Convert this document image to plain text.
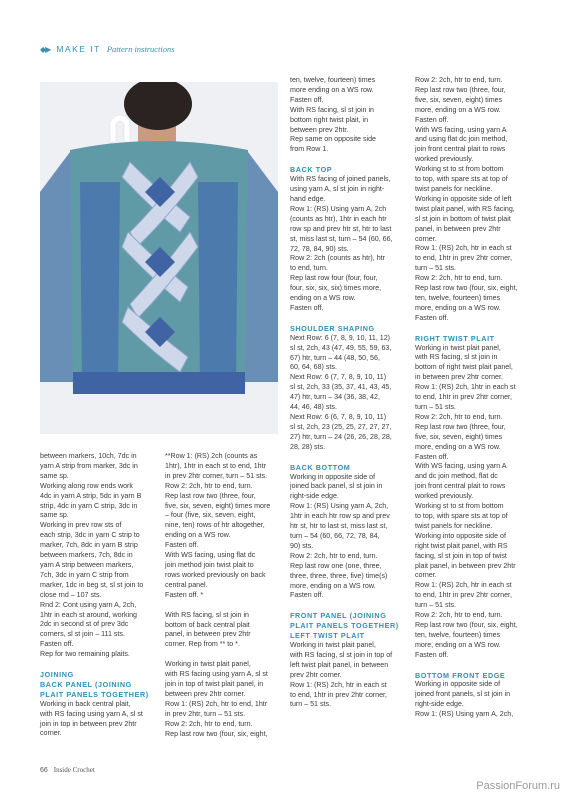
◆▶ MAKE IT Pattern instructions

between markers, 10ch, 7dc in

yarn A strip from marker, 3dc in

same sp.

Working along row ends work

4dc in yarn A strip, 5dc in yarn B

strip, 4dc in yarn C strip, 3dc in

same sp.

Working in prev row sts of

each strip, 3dc in yarn C strip to

marker, 7ch, 8dc in yarn B strip

between markers, 7ch, 8dc in

yarn A strip between markers,

7ch, 3dc in yarn C strip from

marker, 1dc in beg st, sl st join to

close rnd – 107 sts.

Rnd 2: Cont using yarn A, 2ch,

1htr in each st around, working

2dc in second st of prev 3dc

corners, sl st join – 111 sts.

Fasten off.

Rep for two remaining plaits.

JOINING

BACK PANEL (JOINING

PLAIT PANELS TOGETHER)

Working in back central plait,

with RS facing using yarn A, sl st

join in top in between prev 2htr

corner.

**Row 1: (RS) 2ch (counts as

1htr), 1htr in each st to end, 1htr

in prev 2htr corner, turn – 51 sts.

Row 2: 2ch, htr to end, turn.

Rep last row two (three, four,

five, six, seven, eight) times more

– four (five, six, seven, eight,

nine, ten) rows of htr altogether,

ending on a WS row.

Fasten off.

With WS facing, using flat dc

join method join twist plait to

rows worked previously on back

central panel.

Fasten off. *

With RS facing, sl st join in

bottom of back central plait

panel, in between prev 2htr

corner. Rep from ** to *.

Working in twist plait panel,

with RS facing using yarn A, sl st

join in top of twist plait panel, in

between prev 2htr corner.

Row 1: (RS) 2ch, htr to end, 1htr

in prev 2htr, turn – 51 sts.

Row 2: 2ch, htr to end, turn.

Rep last row two (four, six, eight,

ten, twelve, fourteen) times

more ending on a WS row.

Fasten off.

With RS facing, sl st join in

bottom right twist plait, in

between prev 2htr.

Rep same on opposite side

from Row 1.

BACK TOP

With RS facing of joined panels,

using yarn A, sl st join in right-

hand edge.

Row 1: (RS) Using yarn A, 2ch

(counts as htr), 1htr in each htr

row sp and prev htr st, htr to last

st, miss last st, turn – 54 (60, 66,

72, 78, 84, 90) sts.

Row 2: 2ch (counts as htr), htr

to end, turn.

Rep last row four (four, four,

four, six, six, six) times more,

ending on a WS row.

Fasten off.

SHOULDER SHAPING

Next Row: 6 (7, 8, 9, 10, 11, 12)

sl st, 2ch, 43 (47, 49, 55, 59, 63,

67) htr, turn – 44 (48, 50, 56,

60, 64, 68) sts.

Next Row: 6 (7, 7, 8, 9, 10, 11)

sl st, 2ch, 33 (35, 37, 41, 43, 45,

47) htr, turn – 34 (36, 38, 42,

44, 46, 48) sts.

Next Row: 6 (6, 7, 8, 9, 10, 11)

sl st, 2ch, 23 (25, 25, 27, 27, 27,

27) htr, turn – 24 (26, 26, 28, 28,

28, 28) sts.

BACK BOTTOM

Working in opposite side of

joined back panel, sl st join in

right-side edge.

Row 1: (RS) Using yarn A, 2ch,

1htr in each htr row sp and prev

htr st, htr to last st, miss last st,

turn – 54 (60, 66, 72, 78, 84,

90) sts.

Row 2: 2ch, htr to end, turn.

Rep last row one (one, three,

three, three, three, five) time(s)

more, ending on a WS row.

Fasten off.

FRONT PANEL (JOINING

PLAIT PANELS TOGETHER)

LEFT TWIST PLAIT

Working in twist plait panel,

with RS facing, sl st join in top of

left twist plait panel, in between

prev 2htr corner.

Row 1: (RS) 2ch, htr in each st

to end, 1htr in prev 2htr corner,

turn – 51 sts.

Row 2: 2ch, htr to end, turn.

Rep last row two (three, four,

five, six, seven, eight) times

more, ending on a WS row.

Fasten off.

With WS facing, using yarn A

and using flat dc join method,

join front central plait to rows

worked previously.

Working st to st from bottom

to top, with spare sts at top of

twist panels for neckline.

Working in opposite side of left

twist plait panel, with RS facing,

sl st join in bottom of twist plait

panel, in between prev 2htr

corner.

Row 1: (RS) 2ch, htr in each st

to end, 1htr in prev 2htr corner,

turn – 51 sts.

Row 2: 2ch, htr to end, turn.

Rep last row two (four, six, eight,

ten, twelve, fourteen) times

more, ending on a WS row.

Fasten off.

RIGHT TWIST PLAIT

Working in twist plait panel,

with RS facing, sl st join in

bottom of right twist plait panel,

in between prev 2htr corner.

Row 1: (RS) 2ch, 1htr in each st

to end, 1htr in prev 2htr corner,

turn – 51 sts.

Row 2: 2ch, htr to end, turn.

Rep last row two (three, four,

five, six, seven, eight) times

more, ending on a WS row.

Fasten off.

With WS facing, using yarn A

and dc join method, flat dc

join front central plait to rows

worked previously.

Working st to st from bottom

to top, with spare sts at top of

twist panels for neckline.

Working into opposite side of

right twist plait panel, with RS

facing, sl st join in top of twist

plait panel, in between prev 2htr

corner.

Row 1: (RS) 2ch, htr in each st

to end, 1htr in prev 2htr corner,

turn – 51 sts.

Row 2: 2ch, htr to end, turn.

Rep last row two (four, six, eight,

ten, twelve, fourteen) times

more, ending on a WS row.

Fasten off.

BOTTOM FRONT EDGE

Working in opposite side of

joined front panels, sl st join in

right-side edge.

Row 1: (RS) Using yarn A, 2ch,

66 Inside Crochet
PassionForum.ru
